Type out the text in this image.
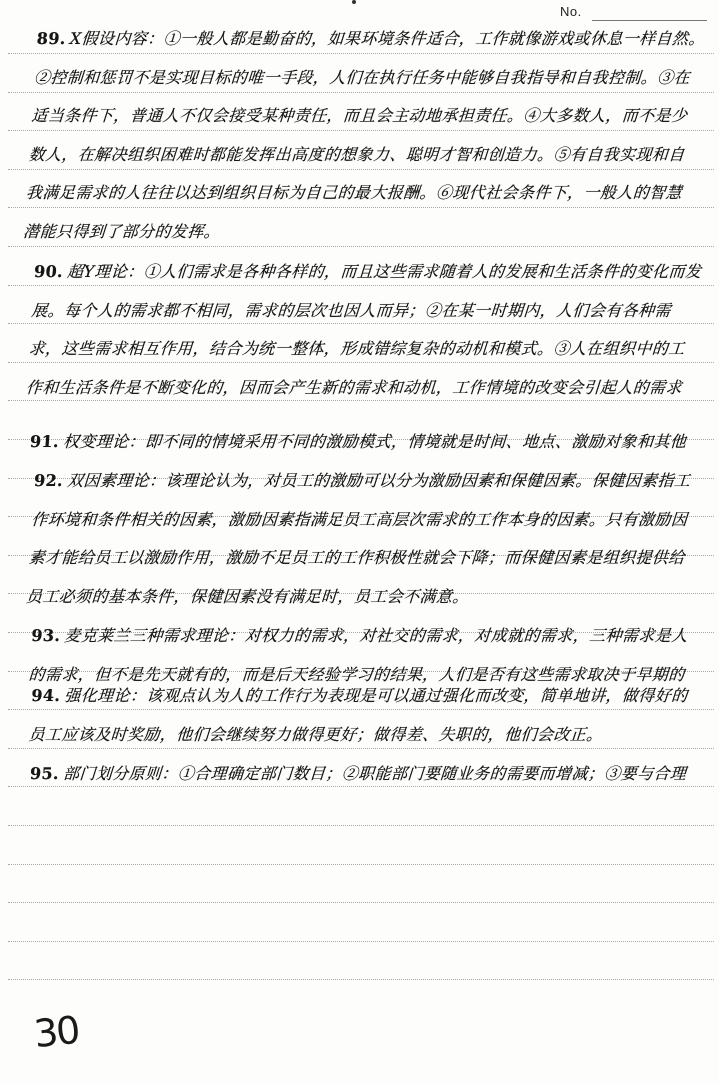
No.
89. X假设内容：①一般人都是勤奋的，如果环境条件适合，工作就像游戏或休息一样自然。②控制和惩罚不是实现目标的唯一手段，人们在执行任务中能够自我指导和自我控制。③在适当条件下，普通人不仅会接受某种责任，而且会主动地承担责任。④大多数人，而不是少数人，在解决组织困难时都能发挥出高度的想象力、聪明才智和创造力。⑤有自我实现和自我满足需求的人往往以达到组织目标为自己的最大报酬。⑥现代社会条件下，一般人的智慧潜能只得到了部分的发挥。
90. 超Y理论：①人们需求是各种各样的，而且这些需求随着人的发展和生活条件的变化而发展。每个人的需求都不相同，需求的层次也因人而异；②在某一时期内，人们会有各种需求，这些需求相互作用，结合为统一整体，形成错综复杂的动机和模式。③人在组织中的工作和生活条件是不断变化的，因而会产生新的需求和动机，工作情境的改变会引起人的需求动机的变化。④由于人在需求方面的差异，管理者不能单纯用统一的管理方式和模式。
91. 权变理论：即不同的情境采用不同的激励模式，情境就是时间、地点、激励对象和其他的外部因素。
92. 双因素理论：该理论认为，对员工的激励可以分为激励因素和保健因素。保健因素指工作环境和条件相关的因素，激励因素指满足员工高层次需求的工作本身的因素。只有激励因素才能给员工以激励作用，激励不足员工的工作积极性就会下降；而保健因素是组织提供给员工必须的基本条件，保健因素没有满足时，员工会不满意。
93. 麦克莱兰三种需求理论：对权力的需求，对社交的需求，对成就的需求，三种需求是人的需求，但不是先天就有的，而是后天经验学习的结果，人们是否有这些需求取决于早期的生活经历。
94. 强化理论：该观点认为人的工作行为表现是可以通过强化而改变，简单地讲，做得好的员工应该及时奖励，他们会继续努力做得更好；做得差、失职的，他们会改正。
95. 部门划分原则：①合理确定部门数目；②职能部门要随业务的需要而增减；③要与合理的控制幅度结合。
30
